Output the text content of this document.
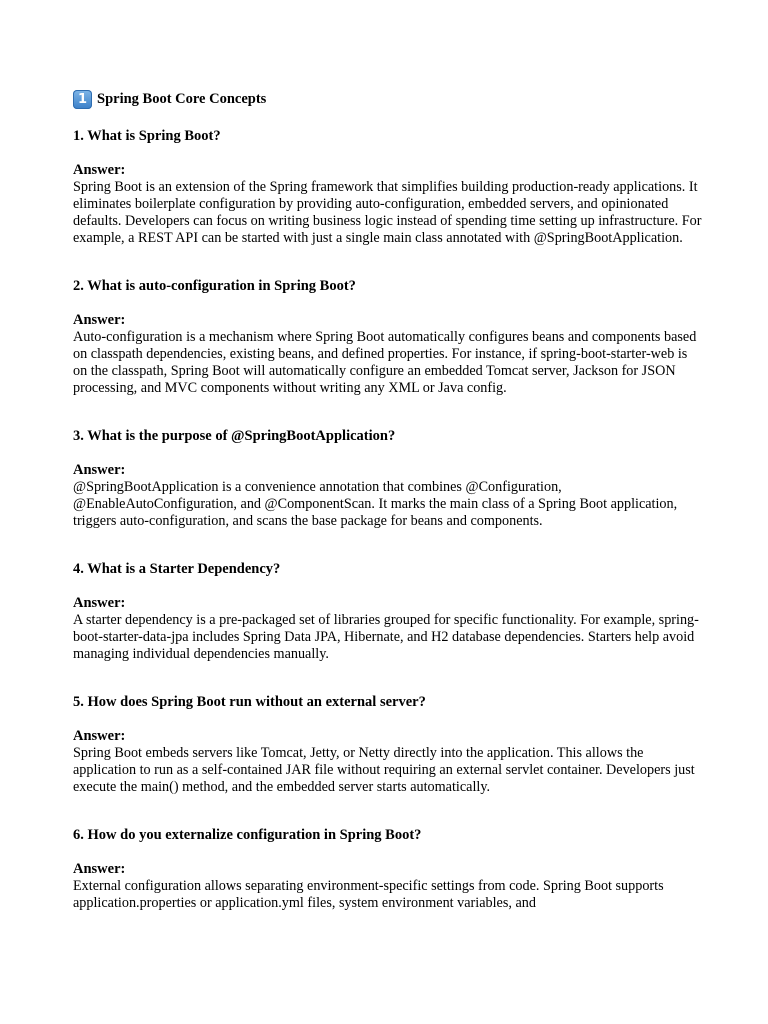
1 Spring Boot Core Concepts

1. What is Spring Boot?

Answer:

Spring Boot is an extension of the Spring framework that simplifies building production-ready applications. It eliminates boilerplate configuration by providing auto-configuration, embedded servers, and opinionated defaults. Developers can focus on writing business logic instead of spending time setting up infrastructure. For example, a REST API can be started with just a single main class annotated with @SpringBootApplication.

2. What is auto-configuration in Spring Boot?

Answer:

Auto-configuration is a mechanism where Spring Boot automatically configures beans and components based on classpath dependencies, existing beans, and defined properties. For instance, if spring-boot-starter-web is on the classpath, Spring Boot will automatically configure an embedded Tomcat server, Jackson for JSON processing, and MVC components without writing any XML or Java config.

3. What is the purpose of @SpringBootApplication?

Answer:

@SpringBootApplication is a convenience annotation that combines @Configuration, @EnableAutoConfiguration, and @ComponentScan. It marks the main class of a Spring Boot application, triggers auto-configuration, and scans the base package for beans and components.

4. What is a Starter Dependency?

Answer:

A starter dependency is a pre-packaged set of libraries grouped for specific functionality. For example, spring-boot-starter-data-jpa includes Spring Data JPA, Hibernate, and H2 database dependencies. Starters help avoid managing individual dependencies manually.

5. How does Spring Boot run without an external server?

Answer:

Spring Boot embeds servers like Tomcat, Jetty, or Netty directly into the application. This allows the application to run as a self-contained JAR file without requiring an external servlet container. Developers just execute the main() method, and the embedded server starts automatically.

6. How do you externalize configuration in Spring Boot?

Answer:

External configuration allows separating environment-specific settings from code. Spring Boot supports application.properties or application.yml files, system environment variables, and
